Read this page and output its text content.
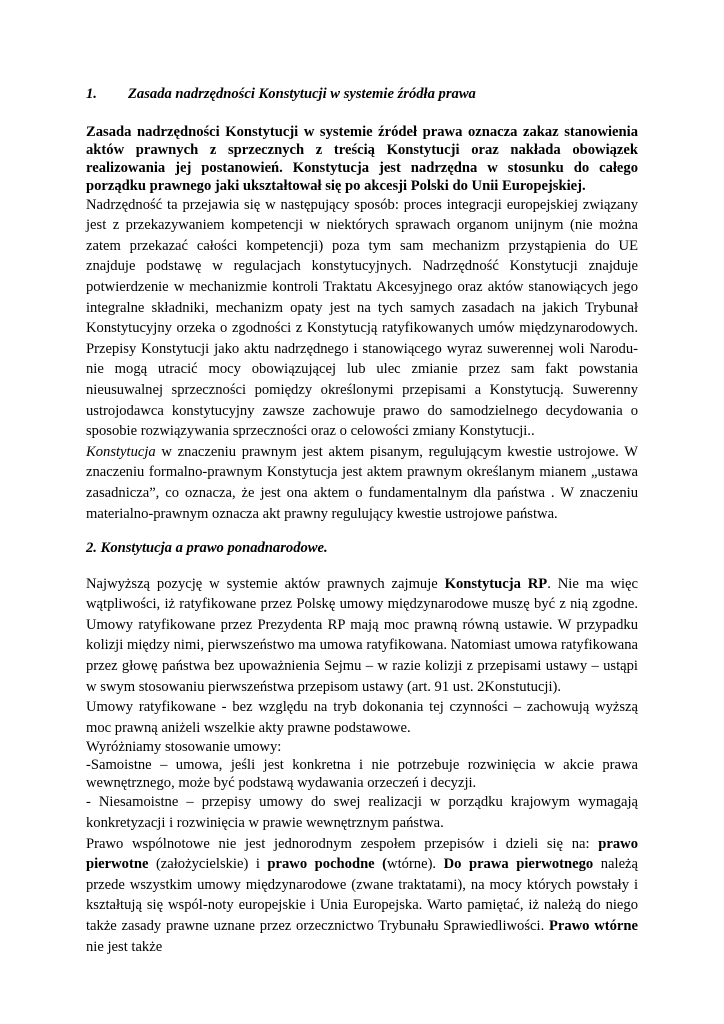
1. Zasada nadrzędności Konstytucji w systemie źródła prawa

Zasada nadrzędności Konstytucji w systemie źródeł prawa oznacza zakaz stanowienia aktów prawnych z sprzecznych z treścią Konstytucji oraz nakłada obowiązek realizowania jej postanowień. Konstytucja jest nadrzędna w stosunku do całego porządku prawnego jaki ukształtował się po akcesji Polski do Unii Europejskiej.

Nadrzędność ta przejawia się w następujący sposób: proces integracji europejskiej związany jest z przekazywaniem kompetencji w niektórych sprawach organom unijnym (nie można zatem przekazać całości kompetencji) poza tym sam mechanizm przystąpienia do UE znajduje podstawę w regulacjach konstytucyjnych. Nadrzędność Konstytucji znajduje potwierdzenie w mechanizmie kontroli Traktatu Akcesyjnego oraz aktów stanowiących jego integralne składniki, mechanizm opaty jest na tych samych zasadach na jakich Trybunał Konstytucyjny orzeka o zgodności z Konstytucją ratyfikowanych umów międzynarodowych. Przepisy Konstytucji jako aktu nadrzędnego i stanowiącego wyraz suwerennej woli Narodu- nie mogą utracić mocy obowiązującej lub ulec zmianie przez sam fakt powstania nieusuwalnej sprzeczności pomiędzy określonymi przepisami a Konstytucją. Suwerenny ustrojodawca konstytucyjny zawsze zachowuje prawo do samodzielnego decydowania o sposobie rozwiązywania sprzeczności oraz o celowości zmiany Konstytucji..

Konstytucja w znaczeniu prawnym jest aktem pisanym, regulującym kwestie ustrojowe. W znaczeniu formalno-prawnym Konstytucja jest aktem prawnym określanym mianem „ustawa zasadnicza”, co oznacza, że jest ona aktem o fundamentalnym dla państwa . W znaczeniu materialno-prawnym oznacza akt prawny regulujący kwestie ustrojowe państwa.

2. Konstytucja a prawo ponadnarodowe.

Najwyższą pozycję w systemie aktów prawnych zajmuje Konstytucja RP. Nie ma więc wątpliwości, iż ratyfikowane przez Polskę umowy międzynarodowe muszę być z nią zgodne. Umowy ratyfikowane przez Prezydenta RP mają moc prawną równą ustawie. W przypadku kolizji między nimi, pierwszeństwo ma umowa ratyfikowana. Natomiast umowa ratyfikowana przez głowę państwa bez upoważnienia Sejmu – w razie kolizji z przepisami ustawy – ustąpi w swym stosowaniu pierwszeństwa przepisom ustawy (art. 91 ust. 2Konstutucji).

Umowy ratyfikowane - bez względu na tryb dokonania tej czynności – zachowują wyższą moc prawną aniżeli wszelkie akty prawne podstawowe.

Wyróżniamy stosowanie umowy:

-Samoistne – umowa, jeśli jest konkretna i nie potrzebuje rozwinięcia w akcie prawa wewnętrznego, może być podstawą wydawania orzeczeń i decyzji.

- Niesamoistne – przepisy umowy do swej realizacji w porządku krajowym wymagają konkretyzacji i rozwinięcia w prawie wewnętrznym państwa.

Prawo wspólnotowe nie jest jednorodnym zespołem przepisów i dzieli się na: prawo pierwotne (założycielskie) i prawo pochodne (wtórne). Do prawa pierwotnego należą przede wszystkim umowy międzynarodowe (zwane traktatami), na mocy których powstały i kształtują się wspól-noty europejskie i Unia Europejska. Warto pamiętać, iż należą do niego także zasady prawne uznane przez orzecznictwo Trybunału Sprawiedliwości. Prawo wtórne nie jest także
